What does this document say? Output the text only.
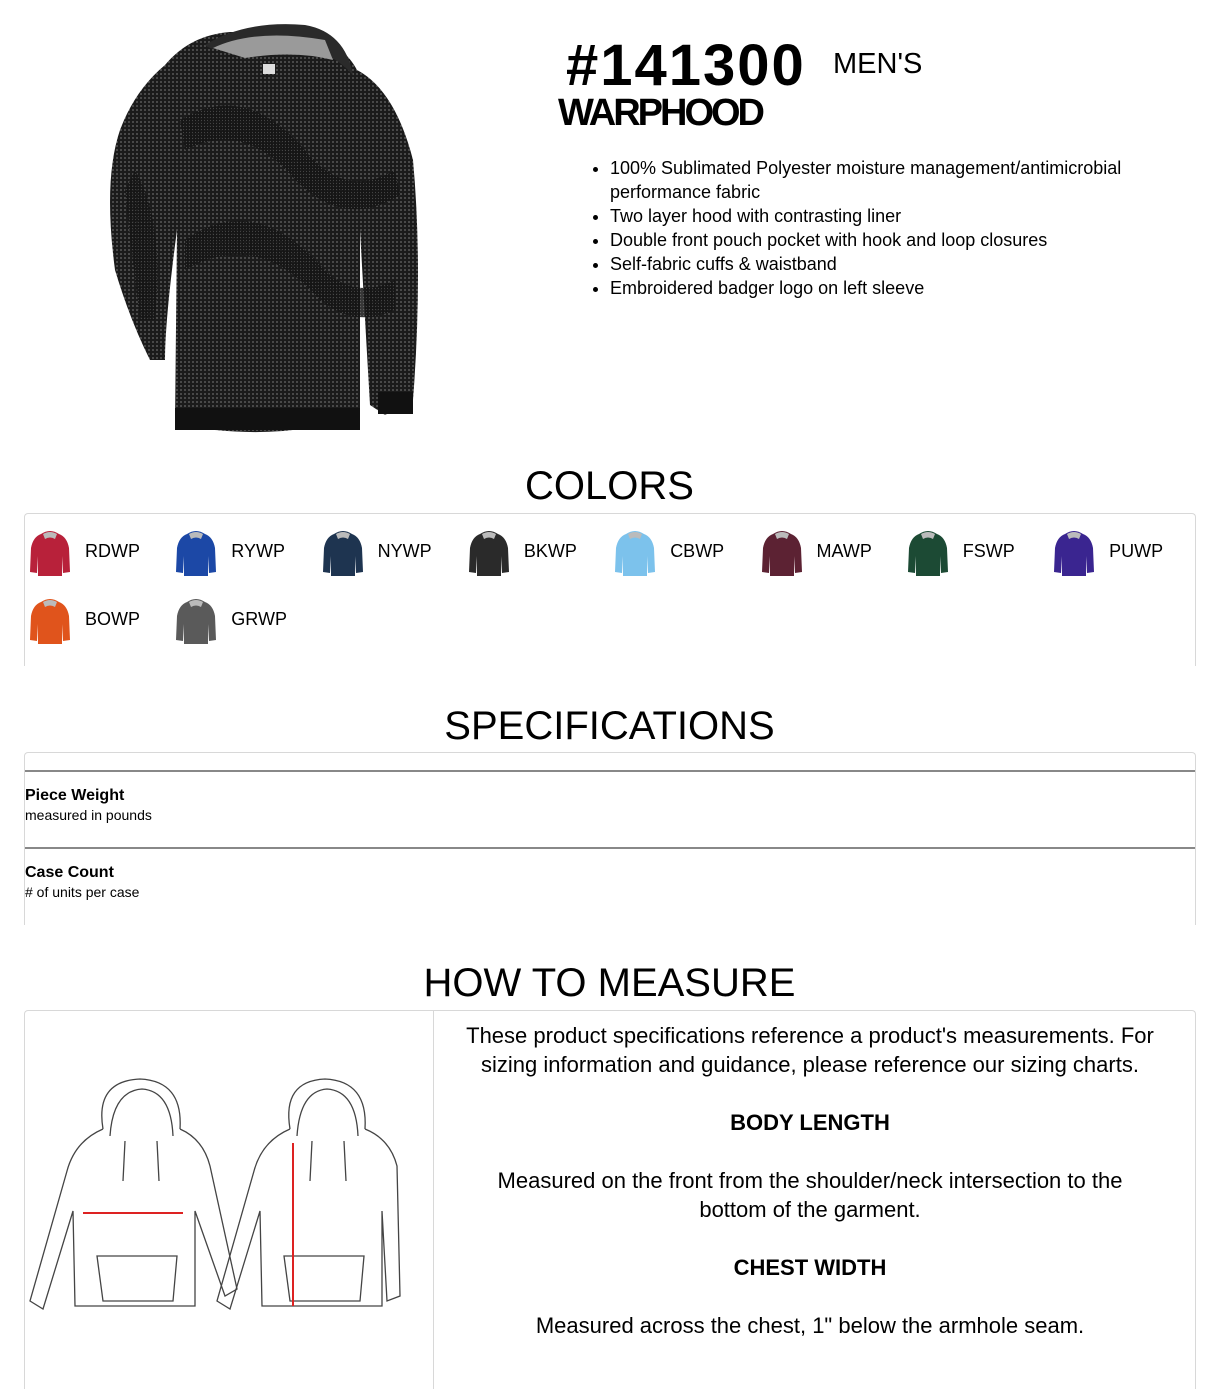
#141300 MEN'S
WARPHOOD
• 100% Sublimated Polyester moisture management/antimicrobial performance fabric
• Two layer hood with contrasting liner
• Double front pouch pocket with hook and loop closures
• Self-fabric cuffs & waistband
• Embroidered badger logo on left sleeve
COLORS
RDWP	RYWP	NYWP	BKWP	CBWP	MAWP	FSWP	PUWP
BOWP	GRWP
SPECIFICATIONS
Piece Weight
measured in pounds
Case Count
# of units per case
HOW TO MEASURE

These product specifications reference a product's measurements. For sizing information and guidance, please reference our sizing charts.

BODY LENGTH

Measured on the front from the shoulder/neck intersection to the bottom of the garment.

CHEST WIDTH

Measured across the chest, 1" below the armhole seam.
